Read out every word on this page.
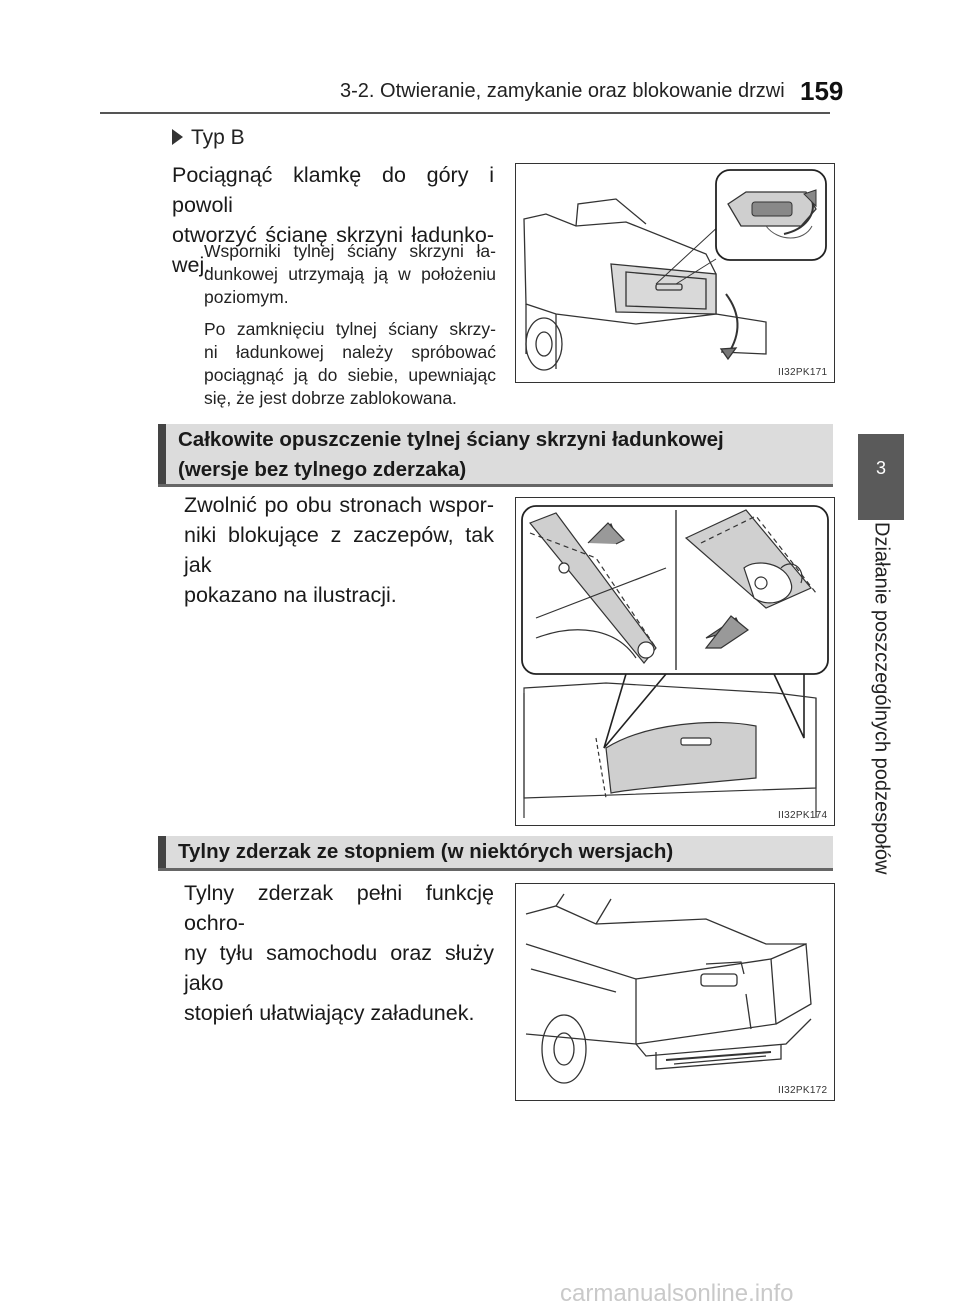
3-2. Otwieranie, zamykanie oraz blokowanie drzwi 159
3
Działanie poszczególnych podzespołów
Typ B
Pociągnąć klamkę do góry i powoli
otworzyć ścianę skrzyni ładunko-
wej.
Wsporniki tylnej ściany skrzyni ła-
dunkowej utrzymają ją w położeniu
poziomym.
Po zamknięciu tylnej ściany skrzy-
ni ładunkowej należy spróbować
pociągnąć ją do siebie, upewniając
się, że jest dobrze zablokowana.
II32PK171
Całkowite opuszczenie tylnej ściany skrzyni ładunkowej
(wersje bez tylnego zderzaka)
Zwolnić po obu stronach wspor-
niki blokujące z zaczepów, tak jak
pokazano na ilustracji.
II32PK174
Tylny zderzak ze stopniem (w niektórych wersjach)
Tylny zderzak pełni funkcję ochro-
ny tyłu samochodu oraz służy jako
stopień ułatwiający załadunek.
II32PK172
carmanualsonline.info
